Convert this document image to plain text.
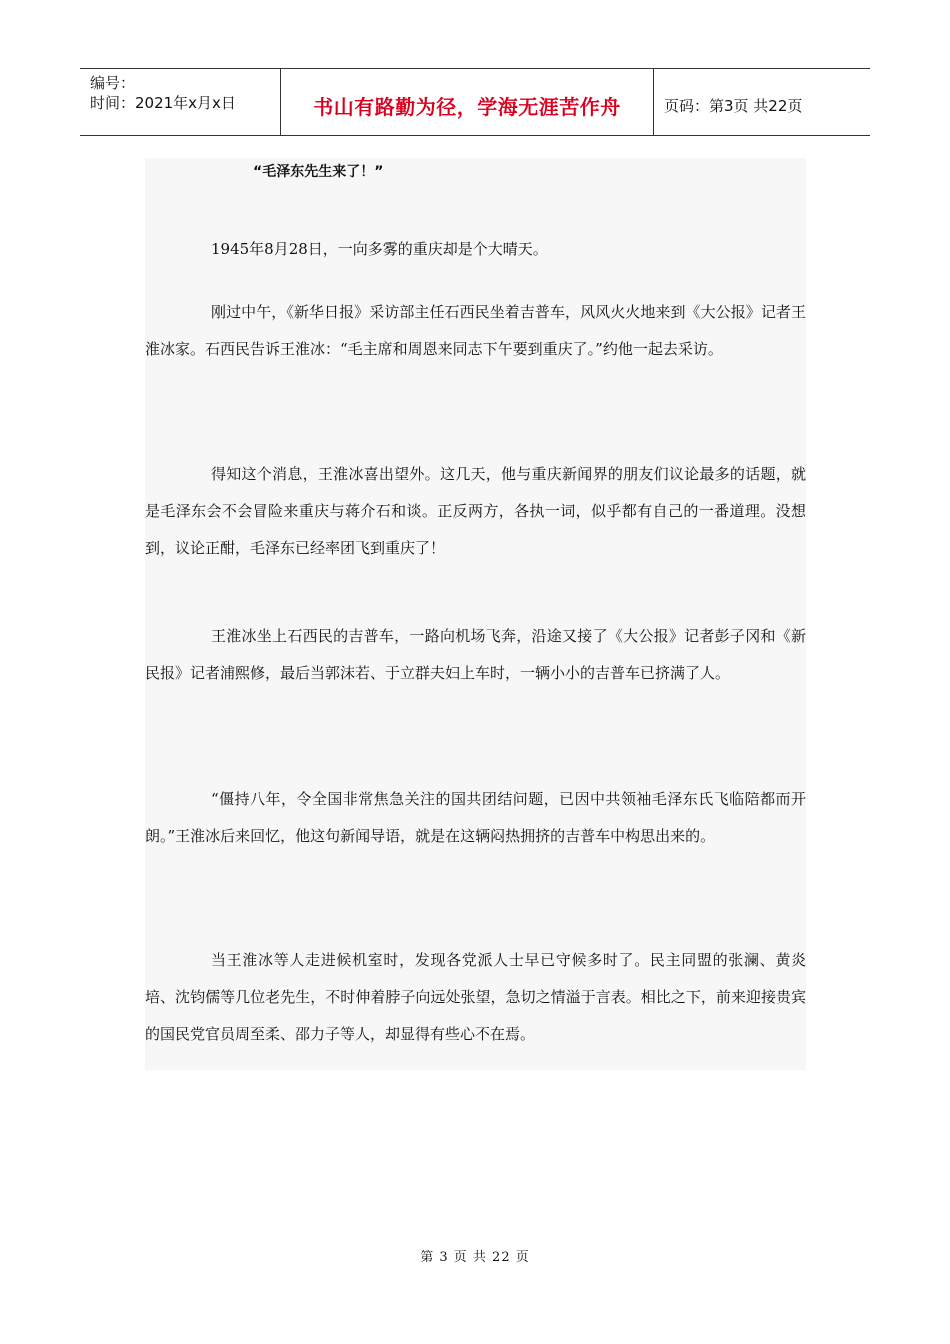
编号：
时间：2021年x月x日	书山有路勤为径，学海无涯苦作舟	页码：第3页 共22页
“毛泽东先生来了！”

1945年8月28日，一向多雾的重庆却是个大晴天。

刚过中午，《新华日报》采访部主任石西民坐着吉普车，风风火火地来到《大公报》记者王淮冰家。石西民告诉王淮冰：“毛主席和周恩来同志下午要到重庆了。”约他一起去采访。

得知这个消息，王淮冰喜出望外。这几天，他与重庆新闻界的朋友们议论最多的话题，就是毛泽东会不会冒险来重庆与蒋介石和谈。正反两方，各执一词，似乎都有自己的一番道理。没想到，议论正酣，毛泽东已经率团飞到重庆了！

王淮冰坐上石西民的吉普车，一路向机场飞奔，沿途又接了《大公报》记者彭子冈和《新民报》记者浦熙修，最后当郭沫若、于立群夫妇上车时，一辆小小的吉普车已挤满了人。

“僵持八年，令全国非常焦急关注的国共团结问题，已因中共领袖毛泽东氏飞临陪都而开朗。”王淮冰后来回忆，他这句新闻导语，就是在这辆闷热拥挤的吉普车中构思出来的。

当王淮冰等人走进候机室时，发现各党派人士早已守候多时了。民主同盟的张澜、黄炎培、沈钧儒等几位老先生，不时伸着脖子向远处张望，急切之情溢于言表。相比之下，前来迎接贵宾的国民党官员周至柔、邵力子等人，却显得有些心不在焉。

第 3 页 共 22 页
